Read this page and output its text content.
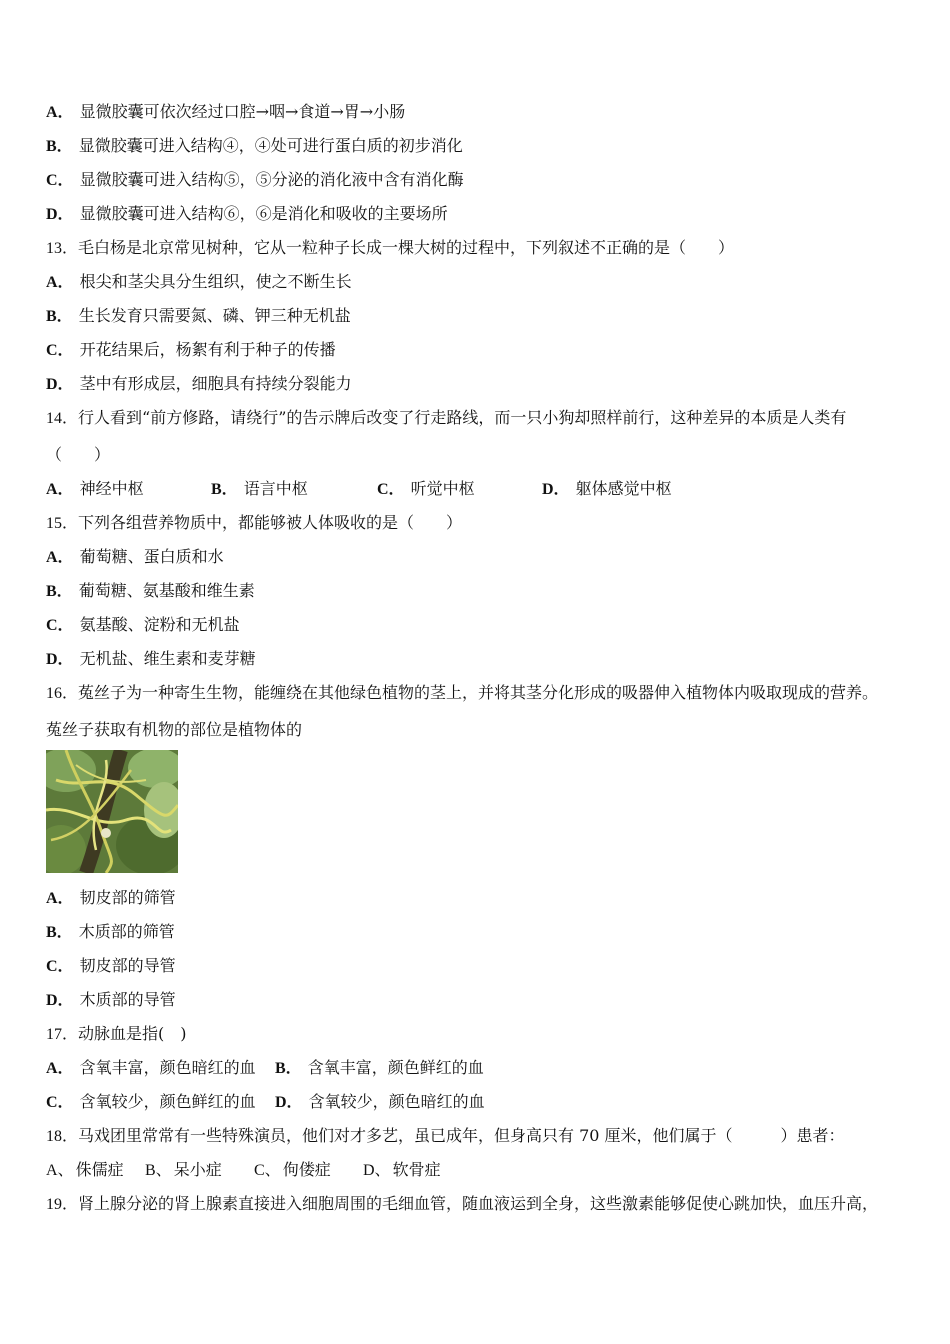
A． 显微胶囊可依次经过口腔→咽→食道→胃→小肠
B． 显微胶囊可进入结构④，④处可进行蛋白质的初步消化
C． 显微胶囊可进入结构⑤，⑤分泌的消化液中含有消化酶
D． 显微胶囊可进入结构⑥，⑥是消化和吸收的主要场所
13．毛白杨是北京常见树种，它从一粒种子长成一棵大树的过程中，下列叙述不正确的是（　　）
A． 根尖和茎尖具分生组织，使之不断生长
B． 生长发育只需要氮、磷、钾三种无机盐
C． 开花结果后，杨絮有利于种子的传播
D． 茎中有形成层，细胞具有持续分裂能力
14．行人看到“前方修路，请绕行”的告示牌后改变了行走路线，而一只小狗却照样前行，这种差异的本质是人类有
（　　）
A． 神经中枢	B． 语言中枢	C． 听觉中枢	D． 躯体感觉中枢
15．下列各组营养物质中，都能够被人体吸收的是（　　）
A． 葡萄糖、蛋白质和水
B． 葡萄糖、氨基酸和维生素
C． 氨基酸、淀粉和无机盐
D． 无机盐、维生素和麦芽糖
16．菟丝子为一种寄生生物，能缠绕在其他绿色植物的茎上，并将其茎分化形成的吸器伸入植物体内吸取现成的营养。
菟丝子获取有机物的部位是植物体的
A． 韧皮部的筛管
B． 木质部的筛管
C． 韧皮部的导管
D． 木质部的导管
17．动脉血是指(　)
A． 含氧丰富，颜色暗红的血 B． 含氧丰富，颜色鲜红的血
C． 含氧较少，颜色鲜红的血 D． 含氧较少，颜色暗红的血
18．马戏团里常常有一些特殊演员，他们对才多艺，虽已成年，但身高只有 70 厘米，他们属于（　　　）患者：
A、 侏儒症 B、 呆小症 C、 佝偻症 D、 软骨症
19．肾上腺分泌的肾上腺素直接进入细胞周围的毛细血管，随血液运到全身，这些激素能够促使心跳加快，血压升高，
